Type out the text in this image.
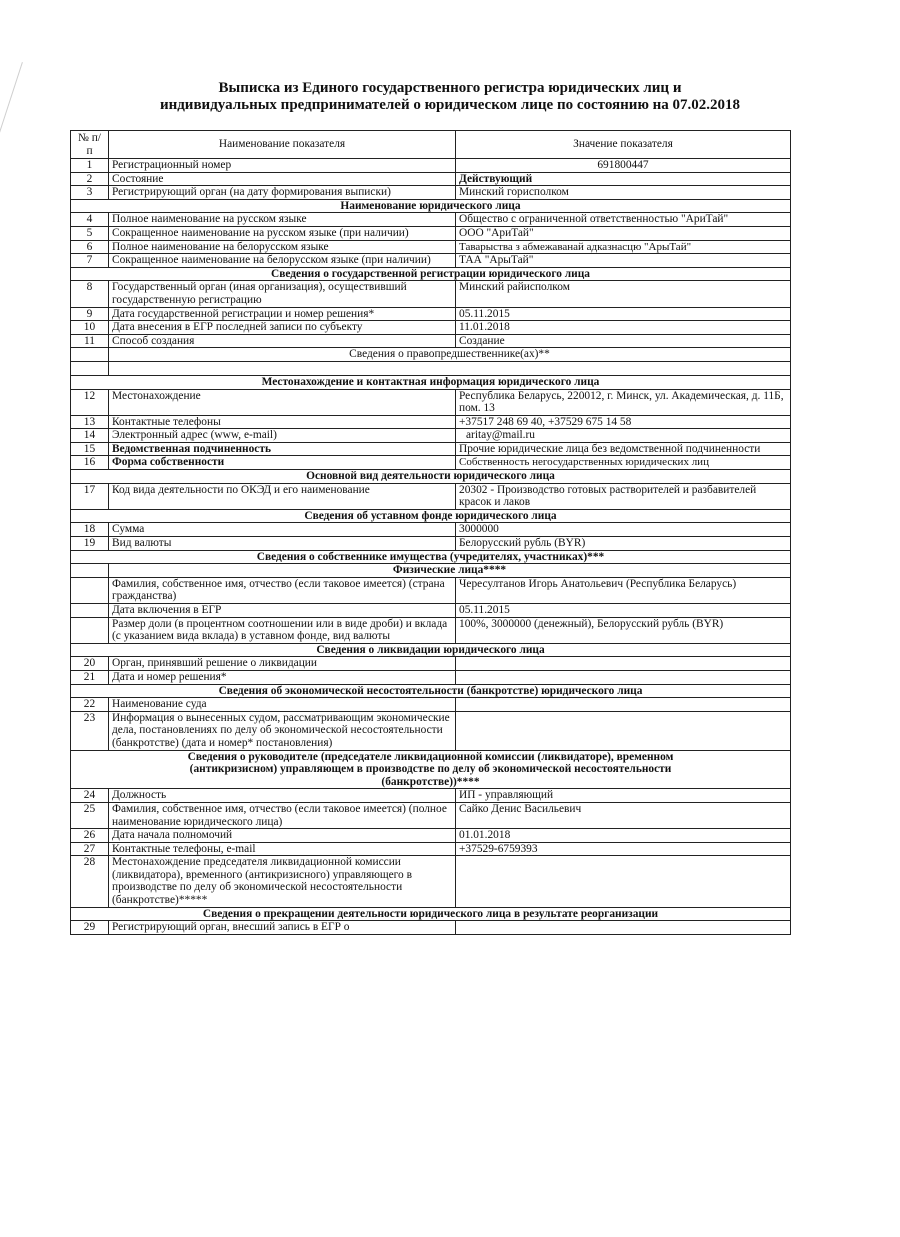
Выписка из Единого государственного регистра юридических лиц и
индивидуальных предпринимателей о юридическом лице по состоянию на 07.02.2018
№ п/п	Наименование показателя	Значение показателя
1	Регистрационный номер	691800447
2	Состояние	Действующий
3	Регистрирующий орган (на дату формирования выписки)	Минский горисполком
Наименование юридического лица		
4	Полное наименование на русском языке	Общество с ограниченной ответственностью "АриТай"
5	Сокращенное наименование на русском языке (при наличии)	ООО "АриТай"
6	Полное наименование на белорусском языке	Таварыства з абмежаванай адказнасцю "АрыТай"
7	Сокращенное наименование на белорусском языке (при наличии)	ТАА "АрыТай"
Сведения о государственной регистрации юридического лица		
8	Государственный орган (иная организация), осуществивший государственную регистрацию	Минский райисполком
9	Дата государственной регистрации и номер решения*	05.11.2015
10	Дата внесения в ЕГР последней записи по субъекту	11.01.2018
11	Способ создания	Создание
	Сведения о правопредшественнике(ах)**	

Местонахождение и контактная информация юридического лица		
12	Местонахождение	Республика Беларусь, 220012, г. Минск, ул. Академическая, д. 11Б, пом. 13
13	Контактные телефоны	+37517 248 69 40, +37529 675 14 58
14	Электронный адрес (www, e-mail)	aritay@mail.ru
15	Ведомственная подчиненность	Прочие юридические лица без ведомственной подчиненности
16	Форма собственности	Собственность негосударственных юридических лиц
Основной вид деятельности юридического лица		
17	Код вида деятельности по ОКЭД и его наименование	20302 - Производство готовых растворителей и разбавителей красок и лаков
Сведения об уставном фонде юридического лица		
18	Сумма	3000000
19	Вид валюты	Белорусский рубль (BYR)
Сведения о собственнике имущества (учредителях, участниках)***		
	Физические лица****	
	Фамилия, собственное имя, отчество (если таковое имеется) (страна гражданства)	Чересултанов Игорь Анатольевич (Республика Беларусь)
	Дата включения в ЕГР	05.11.2015
	Размер доли (в процентном соотношении или в виде дроби) и вклада (с указанием вида вклада) в уставном фонде, вид валюты	100%, 3000000 (денежный), Белорусский рубль (BYR)
Сведения о ликвидации юридического лица		
20	Орган, принявший решение о ликвидации	
21	Дата и номер решения*	
Сведения об экономической несостоятельности (банкротстве) юридического лица		
22	Наименование суда	
23	Информация о вынесенных судом, рассматривающим экономические дела, постановлениях по делу об экономической несостоятельности (банкротстве) (дата и номер* постановления)	

Сведения о руководителе (председателе ликвидационной комиссии (ликвидаторе), временном
(антикризисном) управляющем в производстве по делу об экономической несостоятельности
(банкротстве))****		

24	Должность	ИП - управляющий
25	Фамилия, собственное имя, отчество (если таковое имеется) (полное наименование юридического лица)	Сайко Денис Васильевич
26	Дата начала полномочий	01.01.2018
27	Контактные телефоны, e-mail	+37529-6759393
28	Местонахождение председателя ликвидационной комиссии (ликвидатора), временного (антикризисного) управляющего в производстве по делу об экономической несостоятельности (банкротстве)*****	
Сведения о прекращении деятельности юридического лица в результате реорганизации		
29	Регистрирующий орган, внесший запись в ЕГР о	
